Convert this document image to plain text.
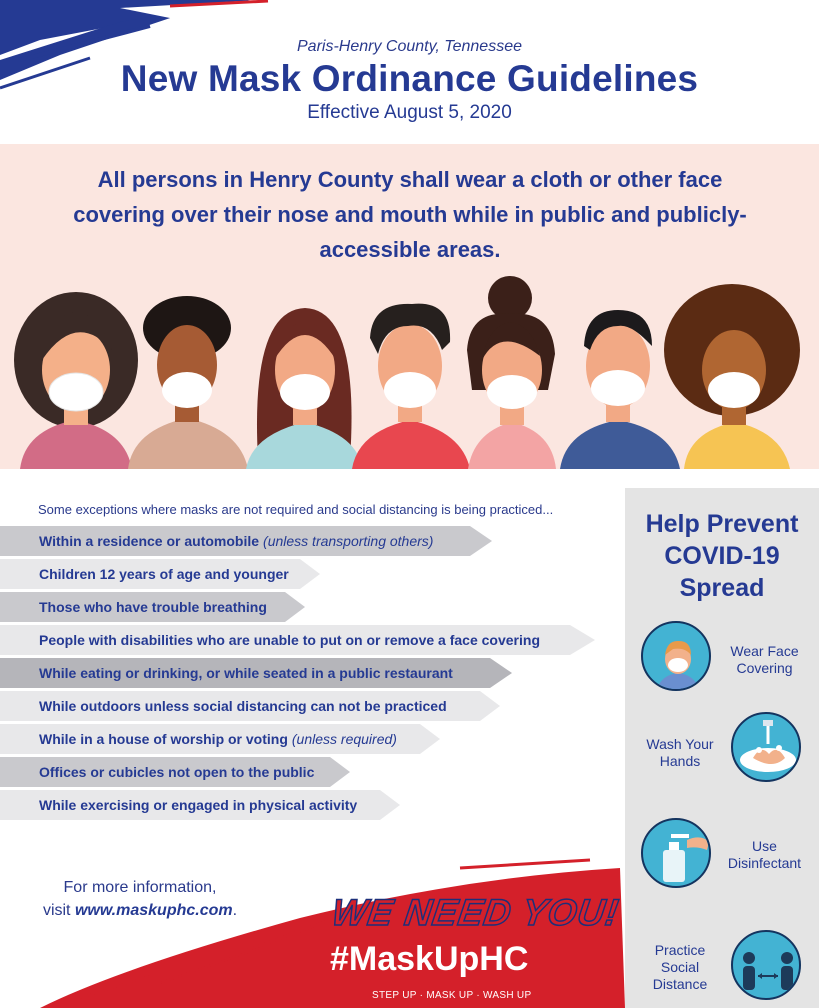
Paris-Henry County, Tennessee
New Mask Ordinance Guidelines
Effective August 5, 2020
All persons in Henry County shall wear a cloth or other face covering over their nose and mouth while in public and publicly-accessible areas.
Some exceptions where masks are not required and social distancing is being practiced...
Within a residence or automobile (unless transporting others)
Children 12 years of age and younger
Those who have trouble breathing
People with disabilities who are unable to put on or remove a face covering
While eating or drinking, or while seated in a public restaurant
While outdoors unless social distancing can not be practiced
While in a house of worship or voting (unless required)
Offices or cubicles not open to the public
While exercising or engaged in physical activity
Help Prevent
COVID-19
Spread
Wear Face
Covering
Wash Your
Hands
Use
Disinfectant
Practice
Social
Distance
For more information,
visit www.maskuphc.com.	WE NEED YOU!
#MaskUpHC
STEP UP · MASK UP · WASH UP
